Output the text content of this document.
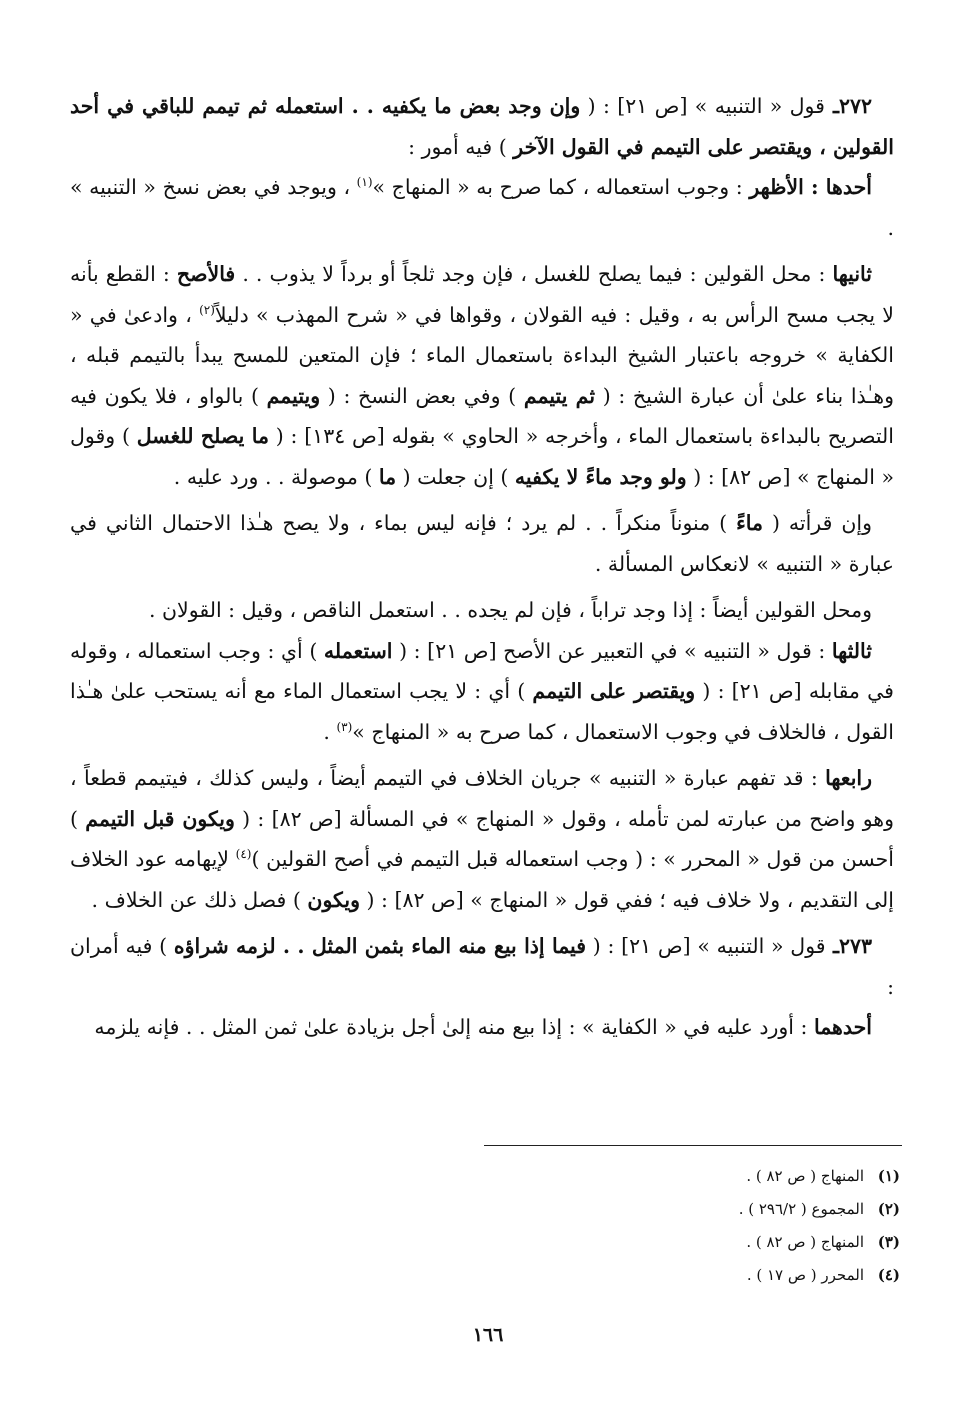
٢٧٢ـ قول « التنبيه » [ص ٢١] : ( وإن وجد بعض ما يكفيه . . استعمله ثم تيمم للباقي في أحد القولين ، ويقتصر على التيمم في القول الآخر ) فيه أمور :

أحدها : الأظهر : وجوب استعماله ، كما صرح به « المنهاج »$^{(١)}$ ، ويوجد في بعض نسخ « التنبيه » .

ثانيها : محل القولين : فيما يصلح للغسل ، فإن وجد ثلجاً أو برداً لا يذوب . . فالأصح : القطع بأنه لا يجب مسح الرأس به ، وقيل : فيه القولان ، وقواها في « شرح المهذب » دليلاً$^{(٢)}$ ، وادعىٰ في « الكفاية » خروجه باعتبار الشيخ البداءة باستعمال الماء ؛ فإن المتعين للمسح يبدأ بالتيمم قبله ، وهـٰذا بناء علىٰ أن عبارة الشيخ : ( ثم يتيمم ) وفي بعض النسخ : ( ويتيمم ) بالواو ، فلا يكون فيه التصريح بالبداءة باستعمال الماء ، وأخرجه « الحاوي » بقوله [ص ١٣٤] : ( ما يصلح للغسل ) وقول « المنهاج » [ص ٨٢] : ( ولو وجد ماءً لا يكفيه ) إن جعلت ( ما ) موصولة . . ورد عليه .

وإن قرأته ( ماءً ) منوناً منكراً . . لم يرد ؛ فإنه ليس بماء ، ولا يصح هـٰذا الاحتمال الثاني في عبارة « التنبيه » لانعكاس المسألة .

ومحل القولين أيضاً : إذا وجد تراباً ، فإن لم يجده . . استعمل الناقص ، وقيل : القولان .

ثالثها : قول « التنبيه » في التعبير عن الأصح [ص ٢١] : ( استعمله ) أي : وجب استعماله ، وقوله في مقابله [ص ٢١] : ( ويقتصر على التيمم ) أي : لا يجب استعمال الماء مع أنه يستحب علىٰ هـٰذا القول ، فالخلاف في وجوب الاستعمال ، كما صرح به « المنهاج »$^{(٣)}$ .

رابعها : قد تفهم عبارة « التنبيه » جريان الخلاف في التيمم أيضاً ، وليس كذلك ، فيتيمم قطعاً ، وهو واضح من عبارته لمن تأمله ، وقول « المنهاج » في المسألة [ص ٨٢] : ( ويكون قبل التيمم ) أحسن من قول « المحرر » : ( وجب استعماله قبل التيمم في أصح القولين )$^{(٤)}$ لإيهامه عود الخلاف إلى التقديم ، ولا خلاف فيه ؛ ففي قول « المنهاج » [ص ٨٢] : ( ويكون ) فصل ذلك عن الخلاف .

٢٧٣ـ قول « التنبيه » [ص ٢١] : ( فيما إذا بيع منه الماء بثمن المثل . . لزمه شراؤه ) فيه أمران :

أحدهما : أورد عليه في « الكفاية » : إذا بيع منه إلىٰ أجل بزيادة علىٰ ثمن المثل . . فإنه يلزمه

(١)
المنهاج ( ص ٨٢ ) .
(٢)
المجموع ( ٢٩٦/٢ ) .
(٣)
المنهاج ( ص ٨٢ ) .
(٤)
المحرر ( ص ١٧ ) .
١٦٦
